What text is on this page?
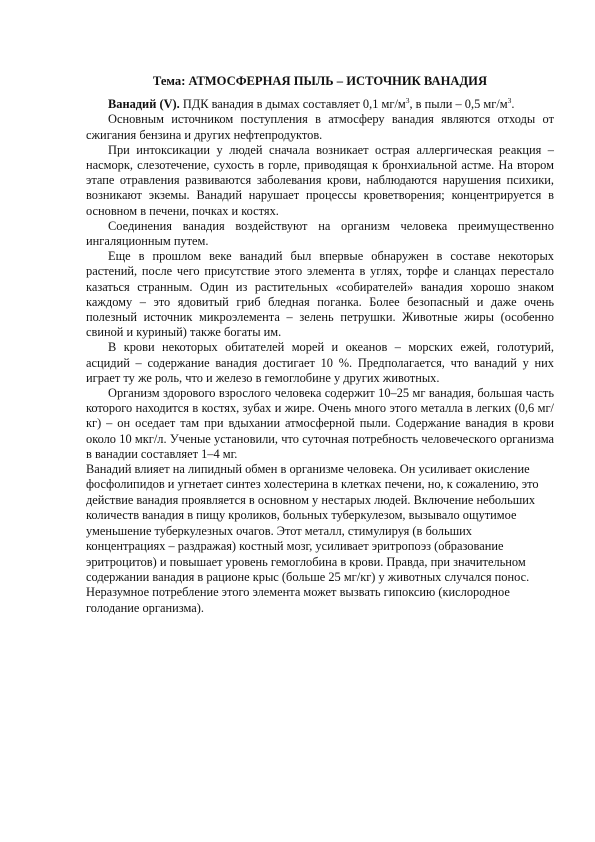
Тема: АТМОСФЕРНАЯ ПЫЛЬ – ИСТОЧНИК ВАНАДИЯ

Ванадий (V). ПДК ванадия в дымах составляет 0,1 $мг/м^3$, в пыли – 0,5 $мг/м^3$.

Основным источником поступления в атмосферу ванадия являются отходы от сжигания бензина и других нефтепродуктов.

При интоксикации у людей сначала возникает острая аллергическая реакция – насморк, слезотечение, сухость в горле, приводящая к бронхиальной астме. На втором этапе отравления развиваются заболевания крови, наблюдаются нарушения психики, возникают экземы. Ванадий нарушает процессы кроветворения; концентрируется в основном в печени, почках и костях.

Соединения ванадия воздействуют на организм человека преимущественно ингаляционным путем.

Еще в прошлом веке ванадий был впервые обнаружен в составе некоторых растений, после чего присутствие этого элемента в углях, торфе и сланцах перестало казаться странным. Один из растительных «собирателей» ванадия хорошо знаком каждому – это ядовитый гриб бледная поганка. Более безопасный и даже очень полезный источник микроэлемента – зелень петрушки. Животные жиры (особенно свиной и куриный) также богаты им.

В крови некоторых обитателей морей и океанов – морских ежей, голотурий, асцидий – содержание ванадия достигает 10 %. Предполагается, что ванадий у них играет ту же роль, что и железо в гемоглобине у других животных.

Организм здорового взрослого человека содержит 10–25 мг ванадия, большая часть которого находится в костях, зубах и жире. Очень много этого металла в легких (0,6 мг/кг) – он оседает там при вдыхании атмосферной пыли. Содержание ванадия в крови около 10 мкг/л. Ученые установили, что суточная потребность человеческого организма в ванадии составляет 1–4 мг.

Ванадий влияет на липидный обмен в организме человека. Он усиливает окисление фосфолипидов и угнетает синтез холестерина в клетках печени, но, к сожалению, это действие ванадия проявляется в основном у нестарых людей. Включение небольших количеств ванадия в пищу кроликов, больных туберкулезом, вызывало ощутимое уменьшение туберкулезных очагов. Этот металл, стимулируя (в больших концентрациях – раздражая) костный мозг, усиливает эритропоэз (образование эритроцитов) и повышает уровень гемоглобина в крови. Правда, при значительном содержании ванадия в рационе крыс (больше 25 мг/кг) у животных случался понос. Неразумное потребление этого элемента может вызвать гипоксию (кислородное голодание организма).
